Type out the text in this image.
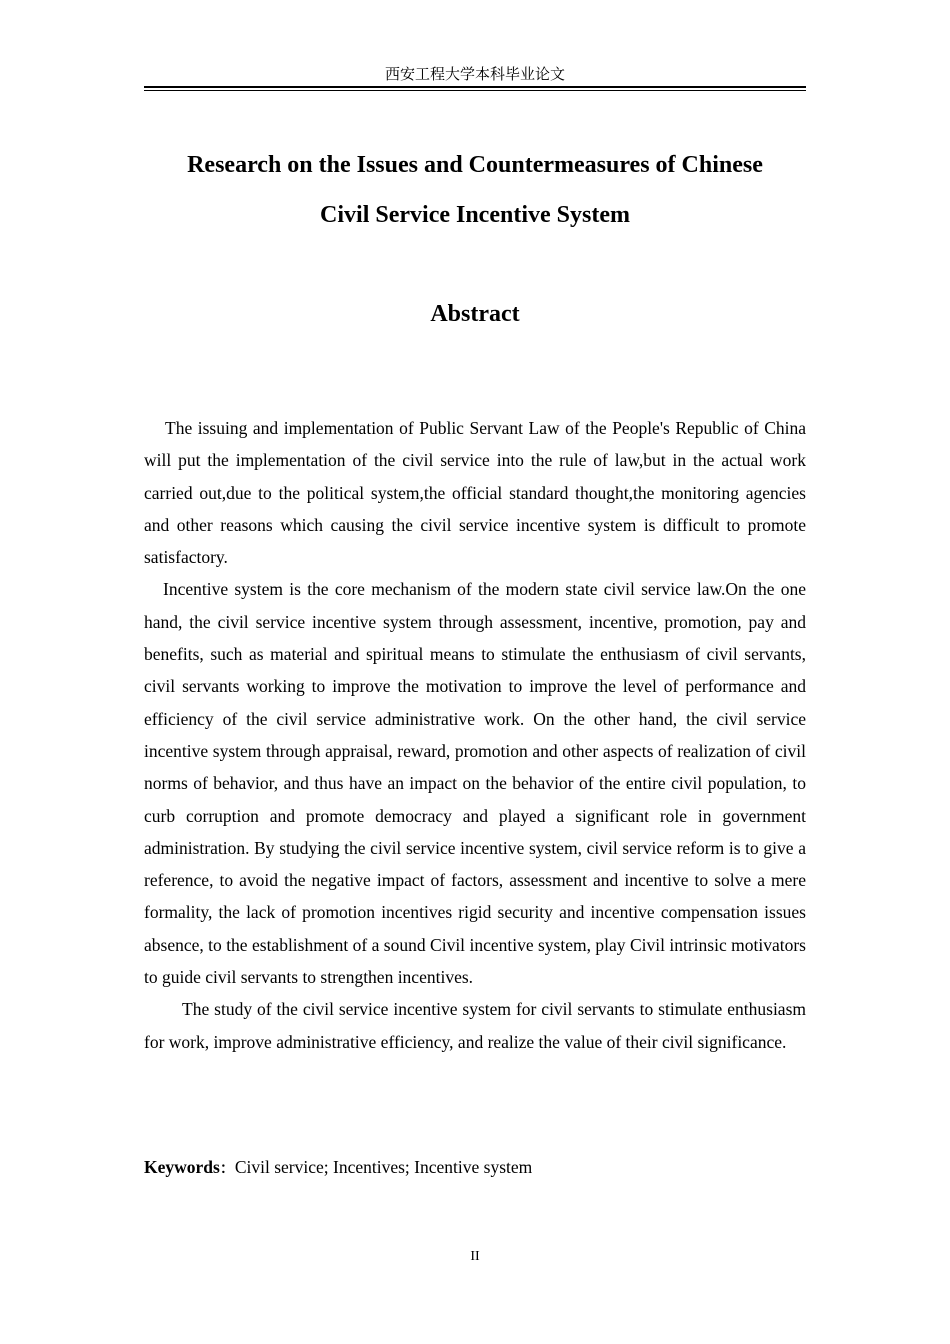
西安工程大学本科毕业论文
Research on the Issues and Countermeasures of Chinese
Civil Service Incentive System
Abstract

The issuing and implementation of Public Servant Law of the People's Republic of China will put the implementation of the civil service into the rule of law,but in the actual work carried out,due to the political system,the official standard thought,the monitoring agencies and other reasons which causing the civil service incentive system is difficult to promote satisfactory.

Incentive system is the core mechanism of the modern state civil service law.On the one hand, the civil service incentive system through assessment, incentive, promotion, pay and benefits, such as material and spiritual means to stimulate the enthusiasm of civil servants, civil servants working to improve the motivation to improve the level of performance and efficiency of the civil service administrative work. On the other hand, the civil service incentive system through appraisal, reward, promotion and other aspects of realization of civil norms of behavior, and thus have an impact on the behavior of the entire civil population, to curb corruption and promote democracy and played a significant role in government administration. By studying the civil service incentive system, civil service reform is to give a reference, to avoid the negative impact of factors, assessment and incentive to solve a mere formality, the lack of promotion incentives rigid security and incentive compensation issues absence, to the establishment of a sound Civil incentive system, play Civil intrinsic motivators to guide civil servants to strengthen incentives.

The study of the civil service incentive system for civil servants to stimulate enthusiasm for work, improve administrative efficiency, and realize the value of their civil significance.

Keywords：Civil service; Incentives; Incentive system
II
